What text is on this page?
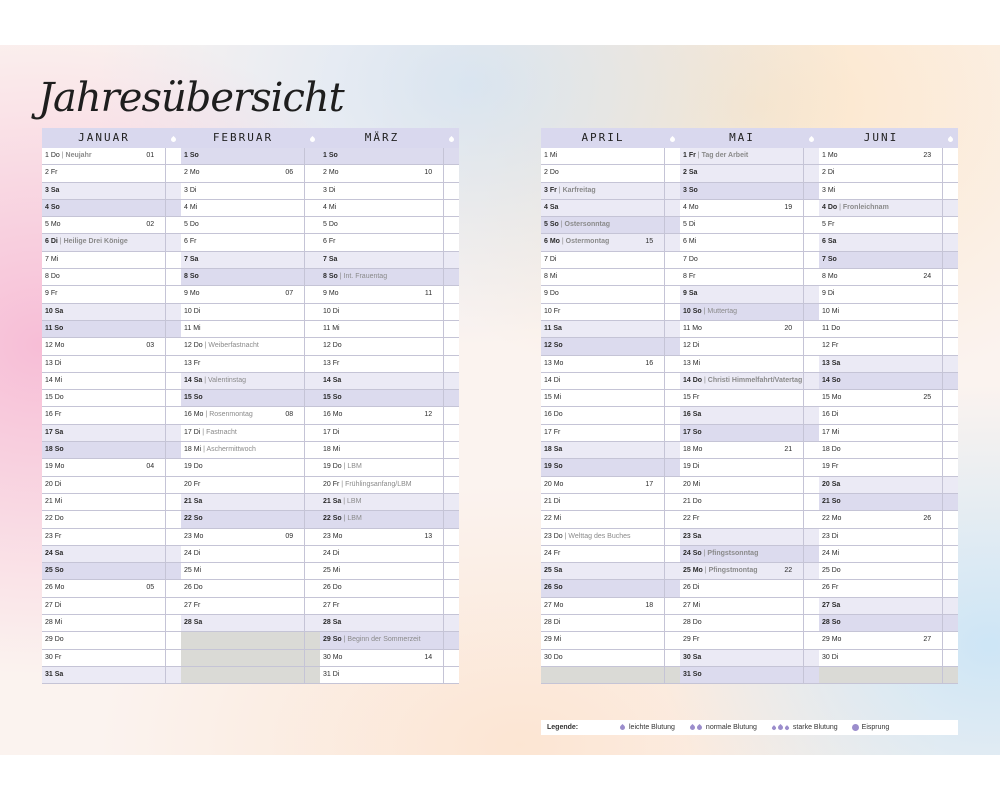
Jahresübersicht
JANUAR
1 Do | Neujahr	01
2 Fr
3 Sa
4 So
5 Mo	02
6 Di | Heilige Drei Könige
7 Mi
8 Do
9 Fr
10 Sa
11 So
12 Mo	03
13 Di
14 Mi
15 Do
16 Fr
17 Sa
18 So
19 Mo	04
20 Di
21 Mi
22 Do
23 Fr
24 Sa
25 So
26 Mo	05
27 Di
28 Mi
29 Do
30 Fr
31 Sa
FEBRUAR
1 So
2 Mo	06
3 Di
4 Mi
5 Do
6 Fr
7 Sa
8 So
9 Mo	07
10 Di
11 Mi
12 Do | Weiberfastnacht
13 Fr
14 Sa | Valentinstag
15 So
16 Mo | Rosenmontag	08
17 Di | Fastnacht
18 Mi | Aschermittwoch
19 Do
20 Fr
21 Sa
22 So
23 Mo	09
24 Di
25 Mi
26 Do
27 Fr
28 Sa
MÄRZ
1 So
2 Mo	10
3 Di
4 Mi
5 Do
6 Fr
7 Sa
8 So | Int. Frauentag
9 Mo	11
10 Di
11 Mi
12 Do
13 Fr
14 Sa
15 So
16 Mo	12
17 Di
18 Mi
19 Do | LBM
20 Fr | Frühlingsanfang/LBM
21 Sa | LBM
22 So | LBM
23 Mo	13
24 Di
25 Mi
26 Do
27 Fr
28 Sa
29 So | Beginn der Sommerzeit
30 Mo	14
31 Di
APRIL
1 Mi
2 Do
3 Fr | Karfreitag
4 Sa
5 So | Ostersonntag
6 Mo | Ostermontag	15
7 Di
8 Mi
9 Do
10 Fr
11 Sa
12 So
13 Mo	16
14 Di
15 Mi
16 Do
17 Fr
18 Sa
19 So
20 Mo	17
21 Di
22 Mi
23 Do | Welttag des Buches
24 Fr
25 Sa
26 So
27 Mo	18
28 Di
29 Mi
30 Do
MAI
1 Fr | Tag der Arbeit
2 Sa
3 So
4 Mo	19
5 Di
6 Mi
7 Do
8 Fr
9 Sa
10 So | Muttertag
11 Mo	20
12 Di
13 Mi
14 Do | Christi Himmelfahrt/Vatertag
15 Fr
16 Sa
17 So
18 Mo	21
19 Di
20 Mi
21 Do
22 Fr
23 Sa
24 So | Pfingstsonntag
25 Mo | Pfingstmontag	22
26 Di
27 Mi
28 Do
29 Fr
30 Sa
31 So
JUNI
1 Mo	23
2 Di
3 Mi
4 Do | Fronleichnam
5 Fr
6 Sa
7 So
8 Mo	24
9 Di
10 Mi
11 Do
12 Fr
13 Sa
14 So
15 Mo	25
16 Di
17 Mi
18 Do
19 Fr
20 Sa
21 So
22 Mo	26
23 Di
24 Mi
25 Do
26 Fr
27 Sa
28 So
29 Mo	27
30 Di
Legende:	leichte Blutung	normale Blutung	starke Blutung	Eisprung
